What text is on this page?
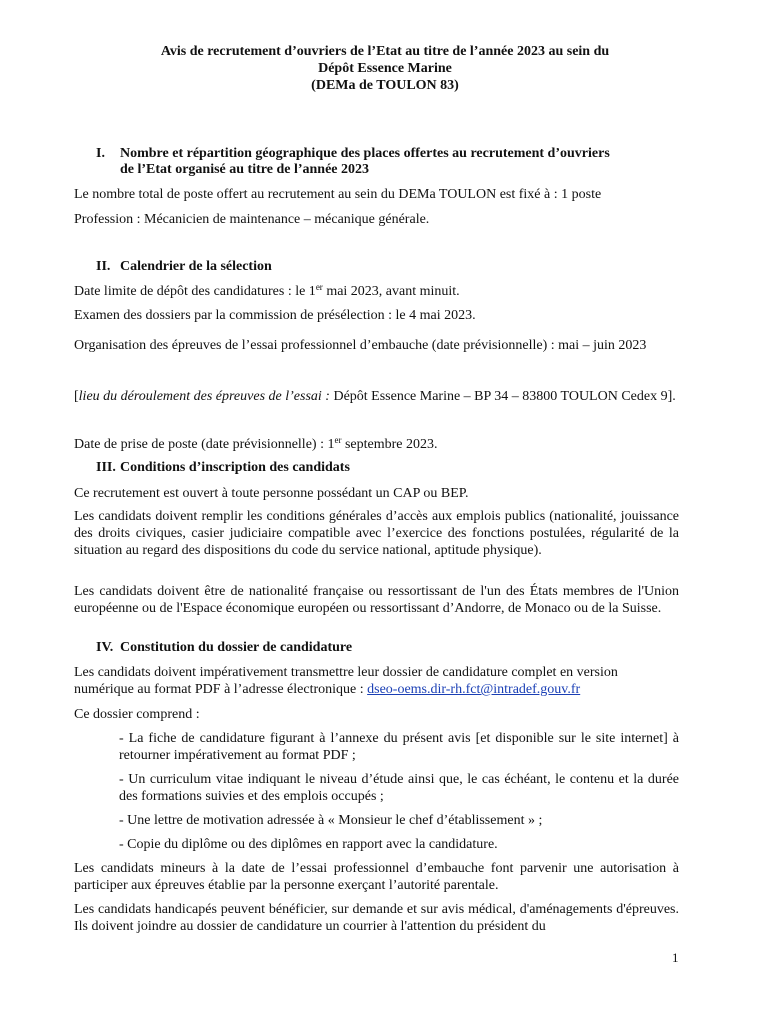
Avis de recrutement d’ouvriers de l’Etat au titre de l’année 2023 au sein du
Dépôt Essence Marine
(DEMa de TOULON 83)
I. Nombre et répartition géographique des places offertes au recrutement d’ouvriers
de l’Etat organisé au titre de l’année 2023
Le nombre total de poste offert au recrutement au sein du DEMa TOULON est fixé à : 1 poste
Profession : Mécanicien de maintenance – mécanique générale.
II. Calendrier de la sélection
Date limite de dépôt des candidatures : le 1er mai 2023, avant minuit.
Examen des dossiers par la commission de présélection : le 4 mai 2023.
Organisation des épreuves de l’essai professionnel d’embauche (date prévisionnelle) : mai – juin 2023
[lieu du déroulement des épreuves de l’essai : Dépôt Essence Marine – BP 34 – 83800 TOULON Cedex 9].
Date de prise de poste (date prévisionnelle) : 1er septembre 2023.
III. Conditions d’inscription des candidats
Ce recrutement est ouvert à toute personne possédant un CAP ou BEP.
Les candidats doivent remplir les conditions générales d’accès aux emplois publics (nationalité, jouissance des droits civiques, casier judiciaire compatible avec l’exercice des fonctions postulées, régularité de la situation au regard des dispositions du code du service national, aptitude physique).
Les candidats doivent être de nationalité française ou ressortissant de l'un des États membres de l'Union européenne ou de l'Espace économique européen ou ressortissant d’Andorre, de Monaco ou de la Suisse.
IV. Constitution du dossier de candidature
Les candidats doivent impérativement transmettre leur dossier de candidature complet en version numérique au format PDF à l’adresse électronique : dseo-oems.dir-rh.fct@intradef.gouv.fr
Ce dossier comprend :
- La fiche de candidature figurant à l’annexe du présent avis [et disponible sur le site internet] à retourner impérativement au format PDF ;
- Un curriculum vitae indiquant le niveau d’étude ainsi que, le cas échéant, le contenu et la durée des formations suivies et des emplois occupés ;
- Une lettre de motivation adressée à « Monsieur le chef d’établissement » ;
- Copie du diplôme ou des diplômes en rapport avec la candidature.
Les candidats mineurs à la date de l’essai professionnel d’embauche font parvenir une autorisation à participer aux épreuves établie par la personne exerçant l’autorité parentale.
Les candidats handicapés peuvent bénéficier, sur demande et sur avis médical, d'aménagements d'épreuves. Ils doivent joindre au dossier de candidature un courrier à l'attention du président du
1
